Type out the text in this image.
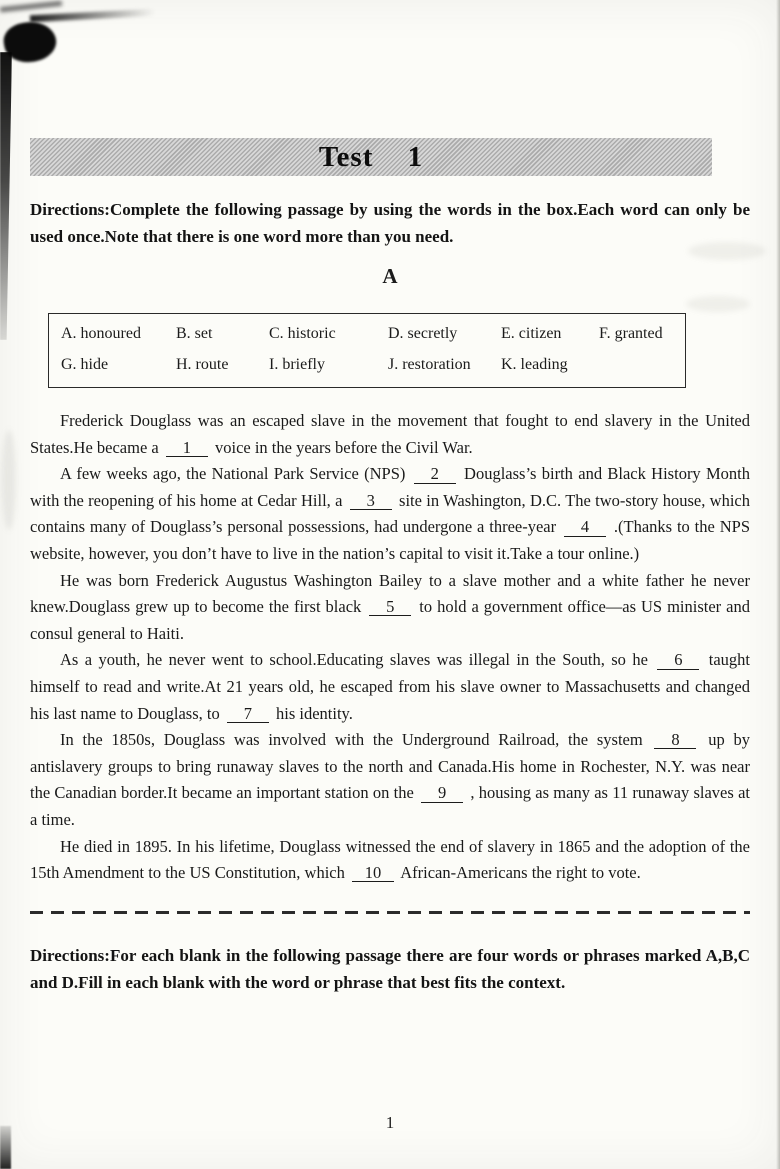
Test 1

Directions:Complete the following passage by using the words in the box.Each word can only be used once.Note that there is one word more than you need.

A
A. honoured	B. set	C. historic	D. secretly	E. citizen	F. granted
G. hide	H. route	I. briefly	J. restoration	K. leading

Frederick Douglass was an escaped slave in the movement that fought to end slavery in the United States.He became a 1 voice in the years before the Civil War.

A few weeks ago, the National Park Service (NPS) 2 Douglass’s birth and Black History Month with the reopening of his home at Cedar Hill, a 3 site in Washington, D.C. The two-story house, which contains many of Douglass’s personal possessions, had undergone a three-year 4 .(Thanks to the NPS website, however, you don’t have to live in the nation’s capital to visit it.Take a tour online.)

He was born Frederick Augustus Washington Bailey to a slave mother and a white father he never knew.Douglass grew up to become the first black 5 to hold a government office—as US minister and consul general to Haiti.

As a youth, he never went to school.Educating slaves was illegal in the South, so he 6 taught himself to read and write.At 21 years old, he escaped from his slave owner to Massachusetts and changed his last name to Douglass, to 7 his identity.

In the 1850s, Douglass was involved with the Underground Railroad, the system 8 up by antislavery groups to bring runaway slaves to the north and Canada.His home in Rochester, N.Y. was near the Canadian border.It became an important station on the 9 , housing as many as 11 runaway slaves at a time.

He died in 1895. In his lifetime, Douglass witnessed the end of slavery in 1865 and the adoption of the 15th Amendment to the US Constitution, which 10 African-Americans the right to vote.

Directions:For each blank in the following passage there are four words or phrases marked A,B,C and D.Fill in each blank with the word or phrase that best fits the context.

1
